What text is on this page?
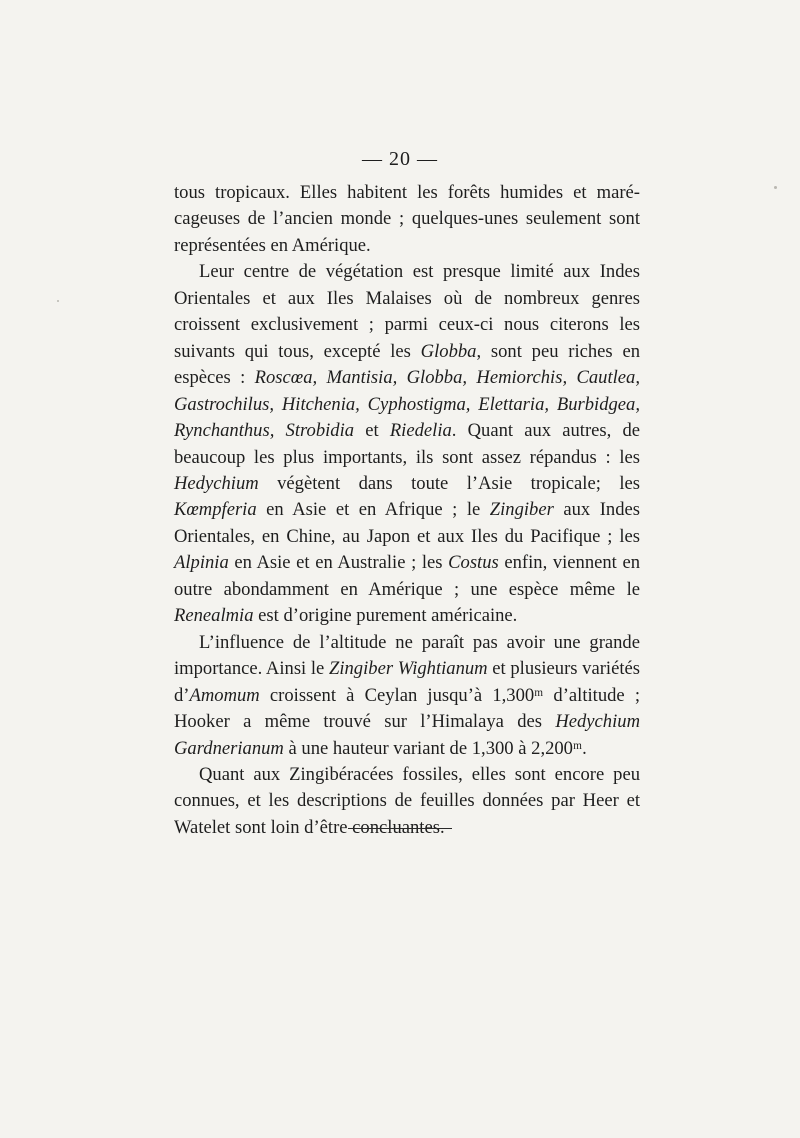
— 20 —

tous tropicaux. Elles habitent les forêts humides et marécageuses de l’ancien monde ; quelques-unes seulement sont représentées en Amérique.

Leur centre de végétation est presque limité aux Indes Orientales et aux Iles Malaises où de nombreux genres croissent exclusivement ; parmi ceux-ci nous citerons les suivants qui tous, excepté les Globba, sont peu riches en espèces : Roscœa, Mantisia, Globba, Hemiorchis, Cautlea, Gastrochilus, Hitchenia, Cyphostigma, Elettaria, Burbidgea, Rynchanthus, Strobidia et Riedelia. Quant aux autres, de beaucoup les plus importants, ils sont assez répandus : les Hedychium végètent dans toute l’Asie tropicale; les Kœmpferia en Asie et en Afrique ; le Zingiber aux Indes Orientales, en Chine, au Japon et aux Iles du Pacifique ; les Alpinia en Asie et en Australie ; les Costus enfin, viennent en outre abondamment en Amérique ; une espèce même le Renealmia est d’origine purement américaine.

L’influence de l’altitude ne paraît pas avoir une grande importance. Ainsi le Zingiber Wightianum et plusieurs variétés d’Amomum croissent à Ceylan jusqu’à 1,300ᵐ d’altitude ; Hooker a même trouvé sur l’Himalaya des Hedychium Gardnerianum à une hauteur variant de 1,300 à 2,200ᵐ.

Quant aux Zingibéracées fossiles, elles sont encore peu connues, et les descriptions de feuilles données par Heer et Watelet sont loin d’être concluantes.
